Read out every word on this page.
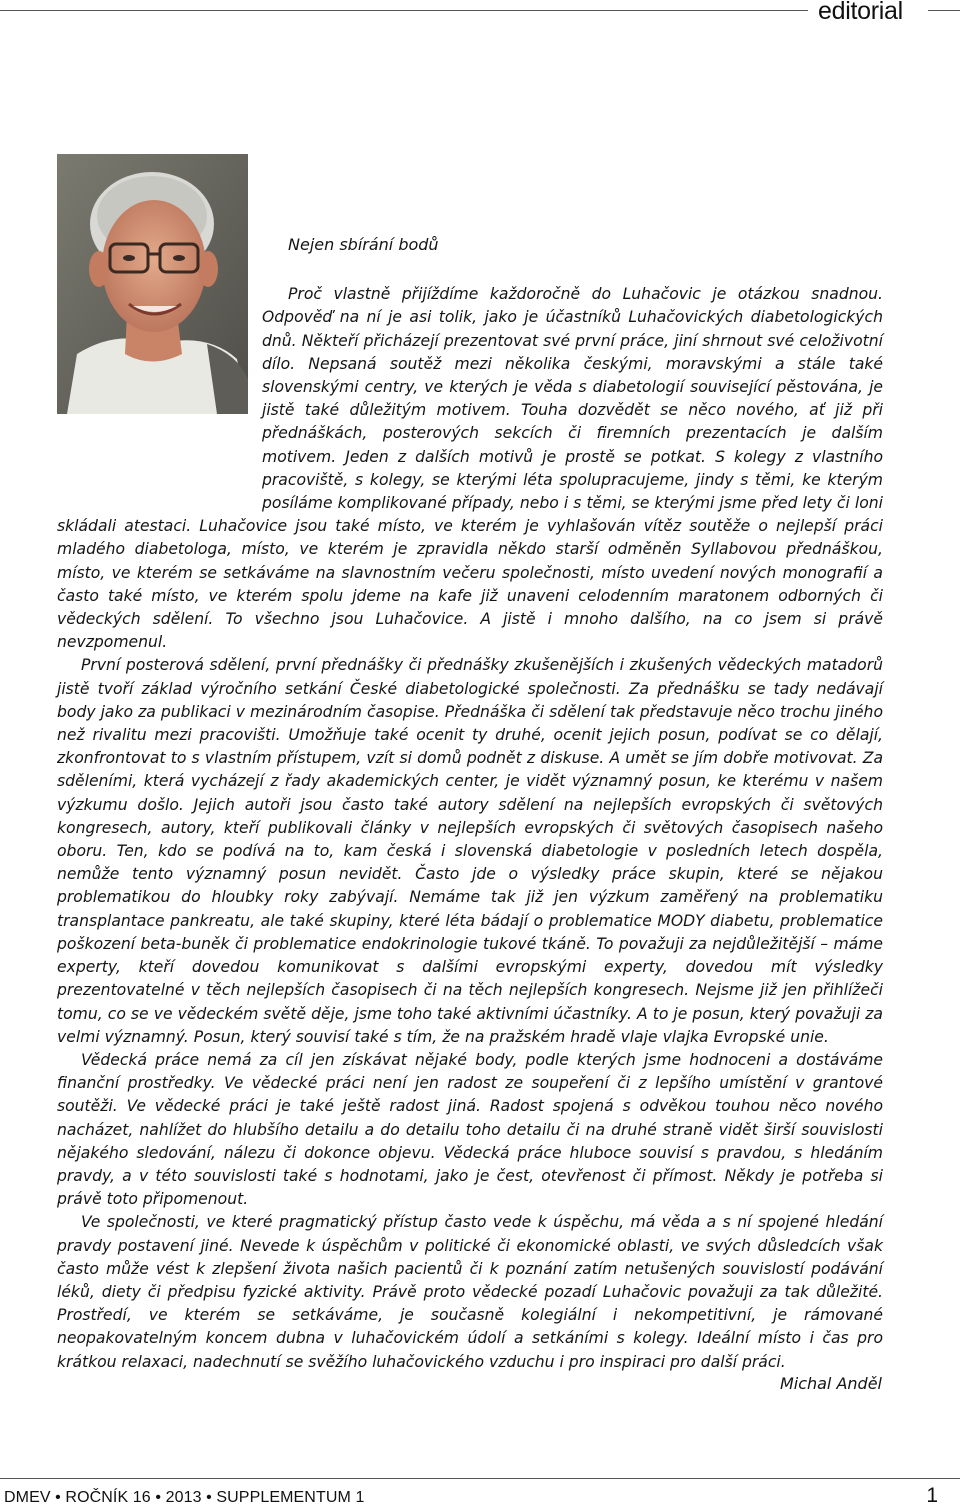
editorial
Nejen sbírání bodů

Proč vlastně přijíždíme každoročně do Luhačovic je otázkou snadnou. Odpověď na ní je asi tolik, jako je účastníků Luhačovických diabetologických dnů. Někteří přicházejí prezentovat své první práce, jiní shrnout své celoživotní dílo. Nepsaná soutěž mezi několika českými, moravskými a stále také slovenskými centry, ve kterých je věda s diabetologií související pěstována, je jistě také důležitým motivem. Touha dozvědět se něco nového, ať již při přednáškách, posterových sekcích či firemních prezentacích je dalším motivem. Jeden z dalších motivů je prostě se potkat. S kolegy z vlastního pracoviště, s kolegy, se kterými léta spolupracujeme, jindy s těmi, ke kterým posíláme komplikované případy, nebo i s těmi, se kterými jsme před lety či loni skládali atestaci. Luhačovice jsou také místo, ve kterém je vyhlašován vítěz soutěže o nejlepší práci mladého diabetologa, místo, ve kterém je zpravidla někdo starší odměněn Syllabovou přednáškou, místo, ve kterém se setkáváme na slavnostním večeru společnosti, místo uvedení nových monografií a často také místo, ve kterém spolu jdeme na kafe již unaveni celodenním maratonem odborných či vědeckých sdělení. To všechno jsou Luhačovice. A jistě i mnoho dalšího, na co jsem si právě nevzpomenul.

První posterová sdělení, první přednášky či přednášky zkušenějších i zkušených vědeckých matadorů jistě tvoří základ výročního setkání České diabetologické společnosti. Za přednášku se tady nedávají body jako za publikaci v mezinárodním časopise. Přednáška či sdělení tak představuje něco trochu jiného než rivalitu mezi pracovišti. Umožňuje také ocenit ty druhé, ocenit jejich posun, podívat se co dělají, zkonfrontovat to s vlastním přístupem, vzít si domů podnět z diskuse. A umět se jím dobře motivovat. Za sděleními, která vycházejí z řady akademických center, je vidět významný posun, ke kterému v našem výzkumu došlo. Jejich autoři jsou často také autory sdělení na nejlepších evropských či světových kongresech, autory, kteří publikovali články v nejlepších evropských či světových časopisech našeho oboru. Ten, kdo se podívá na to, kam česká i slovenská diabetologie v posledních letech dospěla, nemůže tento významný posun nevidět. Často jde o výsledky práce skupin, které se nějakou problematikou do hloubky roky zabývají. Nemáme tak již jen výzkum zaměřený na problematiku transplantace pankreatu, ale také skupiny, které léta bádají o problematice MODY diabetu, problematice poškození beta-buněk či problematice endokrinologie tukové tkáně. To považuji za nejdůležitější – máme experty, kteří dovedou komunikovat s dalšími evropskými experty, dovedou mít výsledky prezentovatelné v těch nejlepších časopisech či na těch nejlepších kongresech. Nejsme již jen přihlížeči tomu, co se ve vědeckém světě děje, jsme toho také aktivními účastníky. A to je posun, který považuji za velmi významný. Posun, který souvisí také s tím, že na pražském hradě vlaje vlajka Evropské unie.

Vědecká práce nemá za cíl jen získávat nějaké body, podle kterých jsme hodnoceni a dostáváme finanční prostředky. Ve vědecké práci není jen radost ze soupeření či z lepšího umístění v grantové soutěži. Ve vědecké práci je také ještě radost jiná. Radost spojená s odvěkou touhou něco nového nacházet, nahlížet do hlubšího detailu a do detailu toho detailu či na druhé straně vidět širší souvislosti nějakého sledování, nálezu či dokonce objevu. Vědecká práce hluboce souvisí s pravdou, s hledáním pravdy, a v této souvislosti také s hodnotami, jako je čest, otevřenost či přímost. Někdy je potřeba si právě toto připomenout.

Ve společnosti, ve které pragmatický přístup často vede k úspěchu, má věda a s ní spojené hledání pravdy postavení jiné. Nevede k úspěchům v politické či ekonomické oblasti, ve svých důsledcích však často může vést k zlepšení života našich pacientů či k poznání zatím netušených souvislostí podávání léků, diety či předpisu fyzické aktivity. Právě proto vědecké pozadí Luhačovic považuji za tak důležité. Prostředí, ve kterém se setkáváme, je současně kolegiální i nekompetitivní, je rámované neopakovatelným koncem dubna v luhačovickém údolí a setkáními s kolegy. Ideální místo i čas pro krátkou relaxaci, nadechnutí se svěžího luhačovického vzduchu i pro inspiraci pro další práci.

Michal Anděl
DMEV • ROČNÍK 16 • 2013 • SUPPLEMENTUM 1	1
